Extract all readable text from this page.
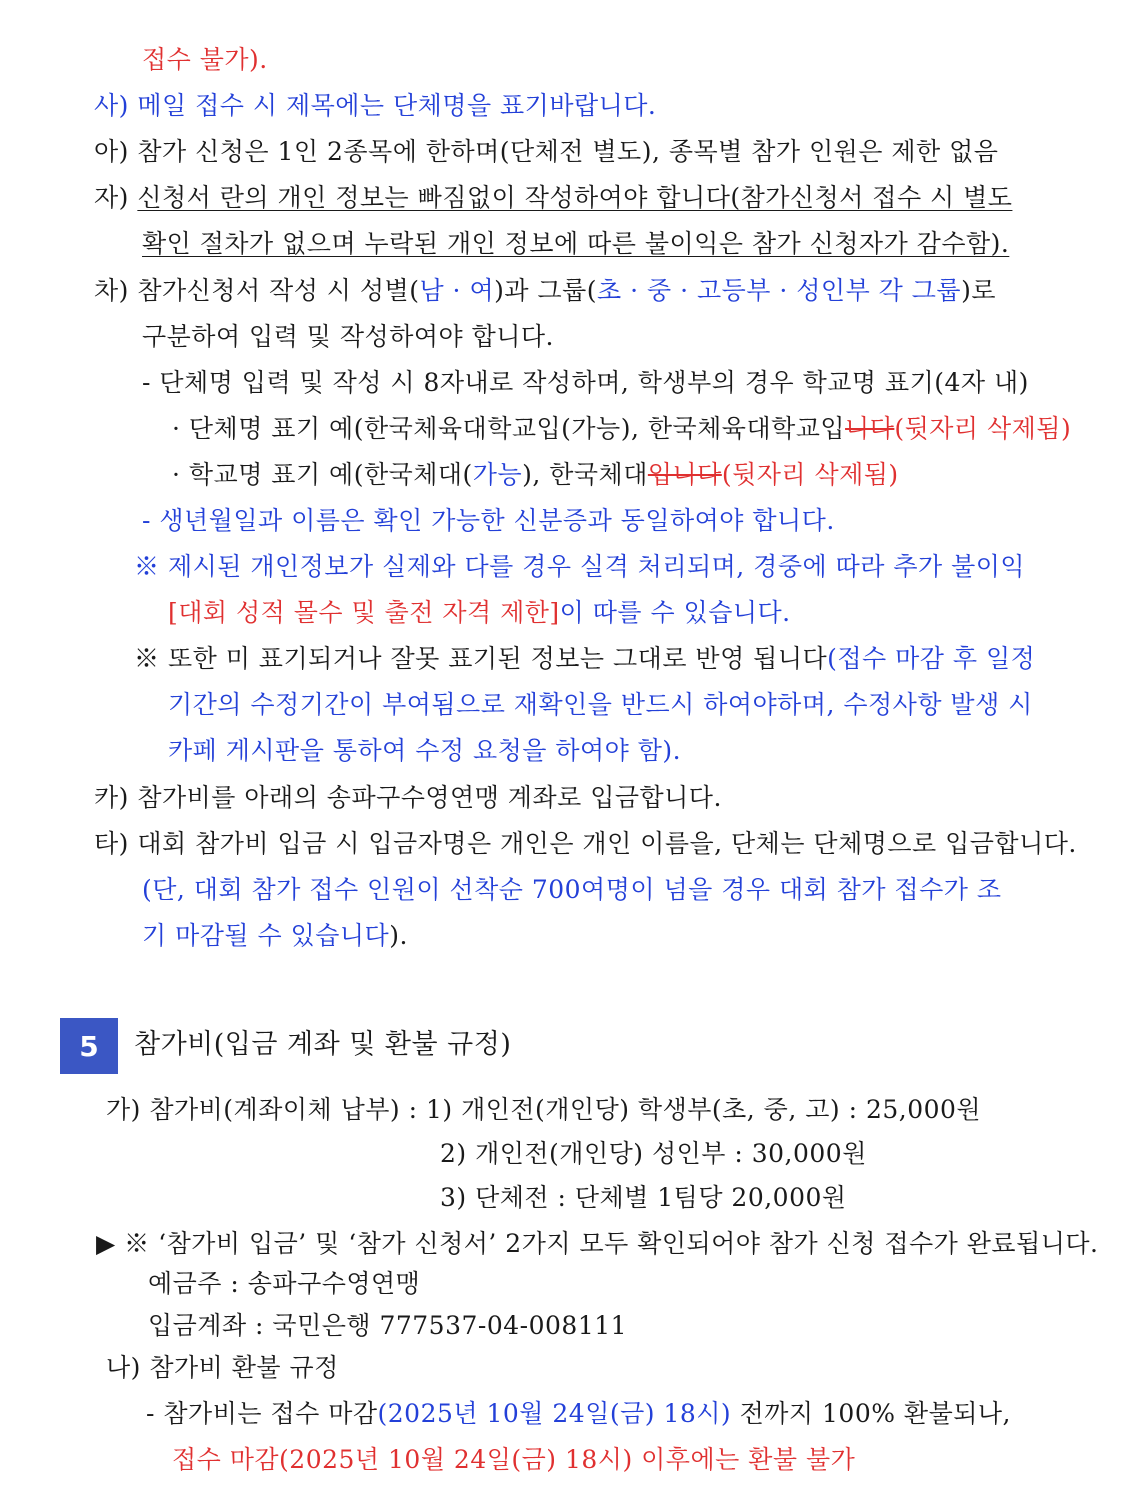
접수 불가).
사) 메일 접수 시 제목에는 단체명을 표기바랍니다.
아) 참가 신청은 1인 2종목에 한하며(단체전 별도), 종목별 참가 인원은 제한 없음
자) 신청서 란의 개인 정보는 빠짐없이 작성하여야 합니다(참가신청서 접수 시 별도
확인 절차가 없으며 누락된 개인 정보에 따른 불이익은 참가 신청자가 감수함).
차) 참가신청서 작성 시 성별(남 · 여)과 그룹(초 · 중 · 고등부 · 성인부 각 그룹)로
구분하여 입력 및 작성하여야 합니다.
- 단체명 입력 및 작성 시 8자내로 작성하며, 학생부의 경우 학교명 표기(4자 내)
· 단체명 표기 예(한국체육대학교입(가능), 한국체육대학교입니다(뒷자리 삭제됨)
· 학교명 표기 예(한국체대(가능), 한국체대입니다(뒷자리 삭제됨)
- 생년월일과 이름은 확인 가능한 신분증과 동일하여야 합니다.
※ 제시된 개인정보가 실제와 다를 경우 실격 처리되며, 경중에 따라 추가 불이익
[대회 성적 몰수 및 출전 자격 제한]이 따를 수 있습니다.
※ 또한 미 표기되거나 잘못 표기된 정보는 그대로 반영 됩니다(접수 마감 후 일정
기간의 수정기간이 부여됨으로 재확인을 반드시 하여야하며, 수정사항 발생 시
카페 게시판을 통하여 수정 요청을 하여야 함).
카) 참가비를 아래의 송파구수영연맹 계좌로 입금합니다.
타) 대회 참가비 입금 시 입금자명은 개인은 개인 이름을, 단체는 단체명으로 입금합니다.
(단, 대회 참가 접수 인원이 선착순 700여명이 넘을 경우 대회 참가 접수가 조
기 마감될 수 있습니다).
5	참가비(입금 계좌 및 환불 규정)
가) 참가비(계좌이체 납부) : 1) 개인전(개인당) 학생부(초, 중, 고) : 25,000원
2) 개인전(개인당) 성인부 : 30,000원
3) 단체전 : 단체별 1팀당 20,000원
▶ ※ ‘참가비 입금’ 및 ‘참가 신청서’ 2가지 모두 확인되어야 참가 신청 접수가 완료됩니다.
예금주 : 송파구수영연맹
입금계좌 : 국민은행 777537-04-008111
나) 참가비 환불 규정
- 참가비는 접수 마감(2025년 10월 24일(금) 18시) 전까지 100% 환불되나,
접수 마감(2025년 10월 24일(금) 18시) 이후에는 환불 불가
